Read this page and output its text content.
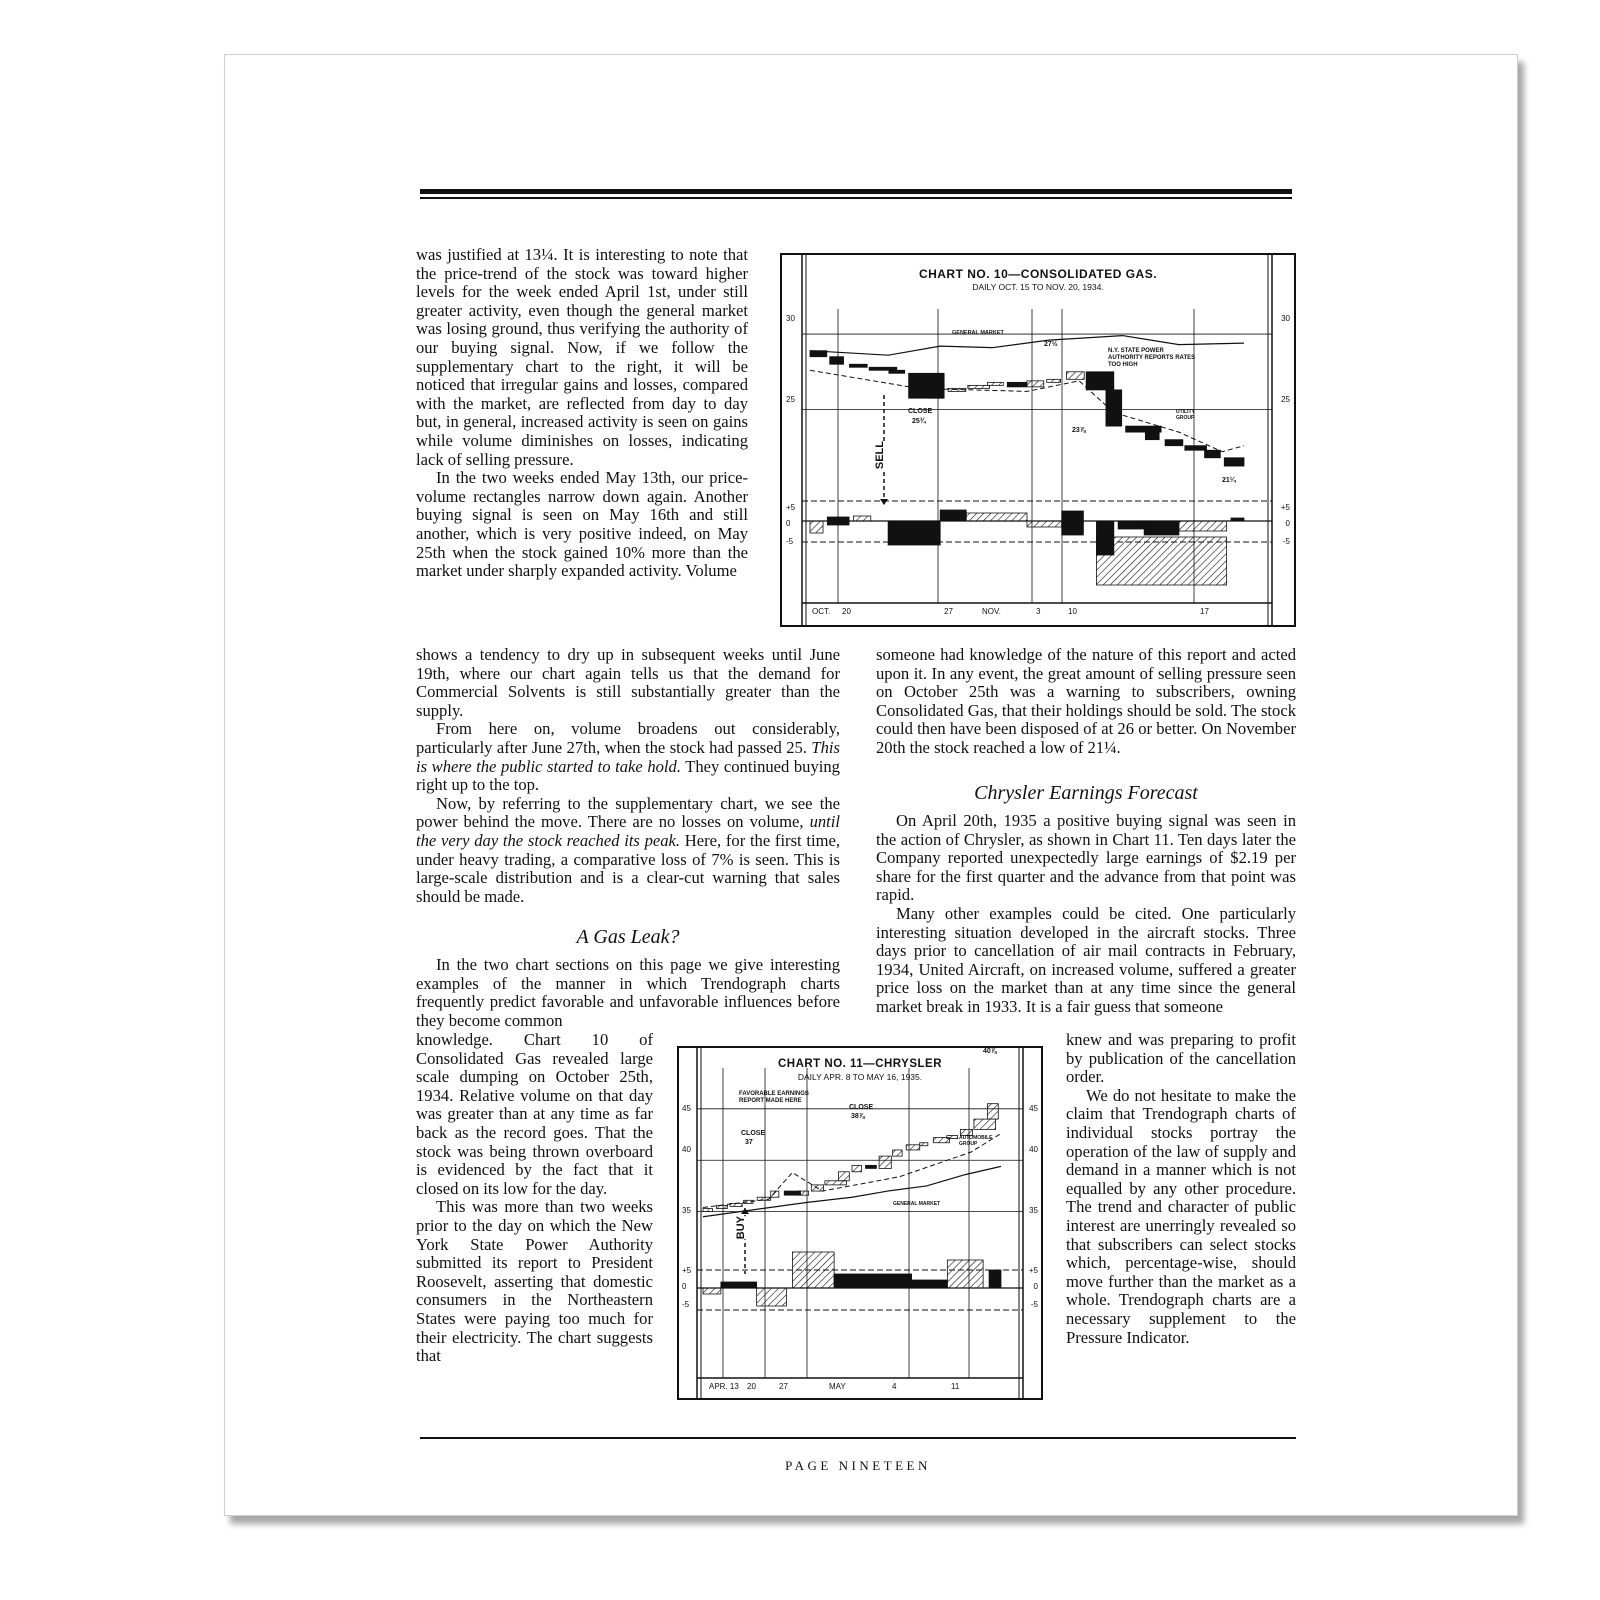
was justified at 13¼. It is interesting to note that the price-trend of the stock was toward higher levels for the week ended April 1st, under still greater activity, even though the general market was losing ground, thus verifying the authority of our buying signal. Now, if we follow the supplementary chart to the right, it will be noticed that irregular gains and losses, compared with the market, are reflected from day to day but, in general, increased activity is seen on gains while volume diminishes on losses, indicating lack of selling pressure.

In the two weeks ended May 13th, our price-volume rectangles narrow down again. Another buying signal is seen on May 16th and still another, which is very positive indeed, on May 25th when the stock gained 10% more than the market under sharply expanded activity. Volume

shows a tendency to dry up in subsequent weeks until June 19th, where our chart again tells us that the demand for Commercial Solvents is still substantially greater than the supply.

From here on, volume broadens out considerably, particularly after June 27th, when the stock had passed 25. This is where the public started to take hold. They continued buying right up to the top.

Now, by referring to the supplementary chart, we see the power behind the move. There are no losses on volume, until the very day the stock reached its peak. Here, for the first time, under heavy trading, a comparative loss of 7% is seen. This is large-scale distribution and is a clear-cut warning that sales should be made.

A Gas Leak?
In the two chart sections on this page we give interesting examples of the manner in which Trendograph charts frequently predict favorable and unfavorable influences before they become common

knowledge. Chart 10 of Consolidated Gas revealed large scale dumping on October 25th, 1934. Relative volume on that day was greater than at any time as far back as the record goes. That the stock was being thrown overboard is evidenced by the fact that it closed on its low for the day.

This was more than two weeks prior to the day on which the New York State Power Authority submitted its report to President Roosevelt, asserting that domestic consumers in the Northeastern States were paying too much for their electricity. The chart suggests that

someone had knowledge of the nature of this report and acted upon it. In any event, the great amount of selling pressure seen on October 25th was a warning to subscribers, owning Consolidated Gas, that their holdings should be sold. The stock could then have been disposed of at 26 or better. On November 20th the stock reached a low of 21¼.
Chrysler Earnings Forecast

On April 20th, 1935 a positive buying signal was seen in the action of Chrysler, as shown in Chart 11. Ten days later the Company reported unexpectedly large earnings of $2.19 per share for the first quarter and the advance from that point was rapid.

Many other examples could be cited. One particularly interesting situation developed in the aircraft stocks. Three days prior to cancellation of air mail contracts in February, 1934, United Aircraft, on increased volume, suffered a greater price loss on the market than at any time since the general market break in 1933. It is a fair guess that someone

knew and was preparing to profit by publication of the cancellation order.

We do not hesitate to make the claim that Trendograph charts of individual stocks portray the operation of the law of supply and demand in a manner which is not equalled by any other procedure. The trend and character of public interest are unerringly revealed so that subscribers can select stocks which, percentage-wise, should move further than the market as a whole. Trendograph charts are a necessary supplement to the Pressure Indicator.

CHART NO. 10—CONSOLIDATED GAS.
DAILY OCT. 15 TO NOV. 20, 1934.
30
25
30
25
+5
0
-5
+5
0
-5
OCT. 20	27	NOV.	3	10	17
GENERAL MARKET
N.Y. STATE POWER AUTHORITY REPORTS RATES TOO HIGH
CLOSE
25¾
27½
23⅞
UTILITY GROUP
21¼
SELL
CHART NO. 11—CHRYSLER
DAILY APR. 8 TO MAY 16, 1935.
45
40
35
45
40
35
+5
0
-5
+5
0
-5
APR. 13 20	27	MAY	4	11
FAVORABLE EARNINGS REPORT MADE HERE
CLOSE
37
CLOSE
38⅞
40⅞
AUTOMOBILE GROUP
GENERAL MARKET
BUY
PAGE NINETEEN
